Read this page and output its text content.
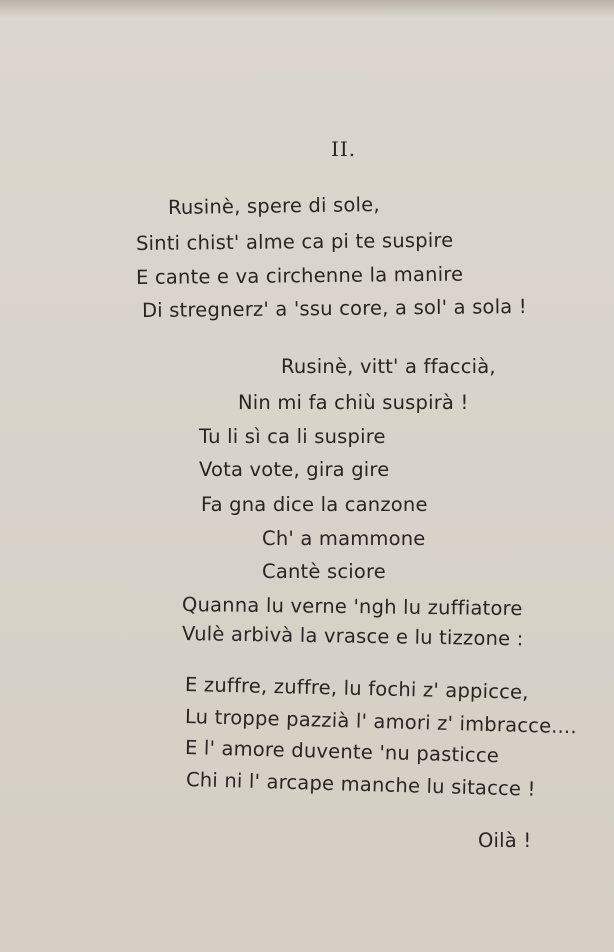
II.
Rusinè, spere di sole,
Sinti chist' alme ca pi te suspire
E cante e va circhenne la manire
Di stregnerz' a 'ssu core, a sol' a sola !
Rusinè, vitt' a ffaccià,
Nin mi fa chiù suspirà !
Tu li sì ca li suspire
Vota vote, gira gire
Fa gna dice la canzone
Ch' a mammone
Cantè sciore
Quanna lu verne 'ngh lu zuffiatore
Vulè arbivà la vrasce e lu tizzone :
E zuffre, zuffre, lu fochi z' appicce,
Lu troppe pazzià l' amori z' imbracce....
E l' amore duvente 'nu pasticce
Chi ni l' arcape manche lu sitacce !
Oilà !
